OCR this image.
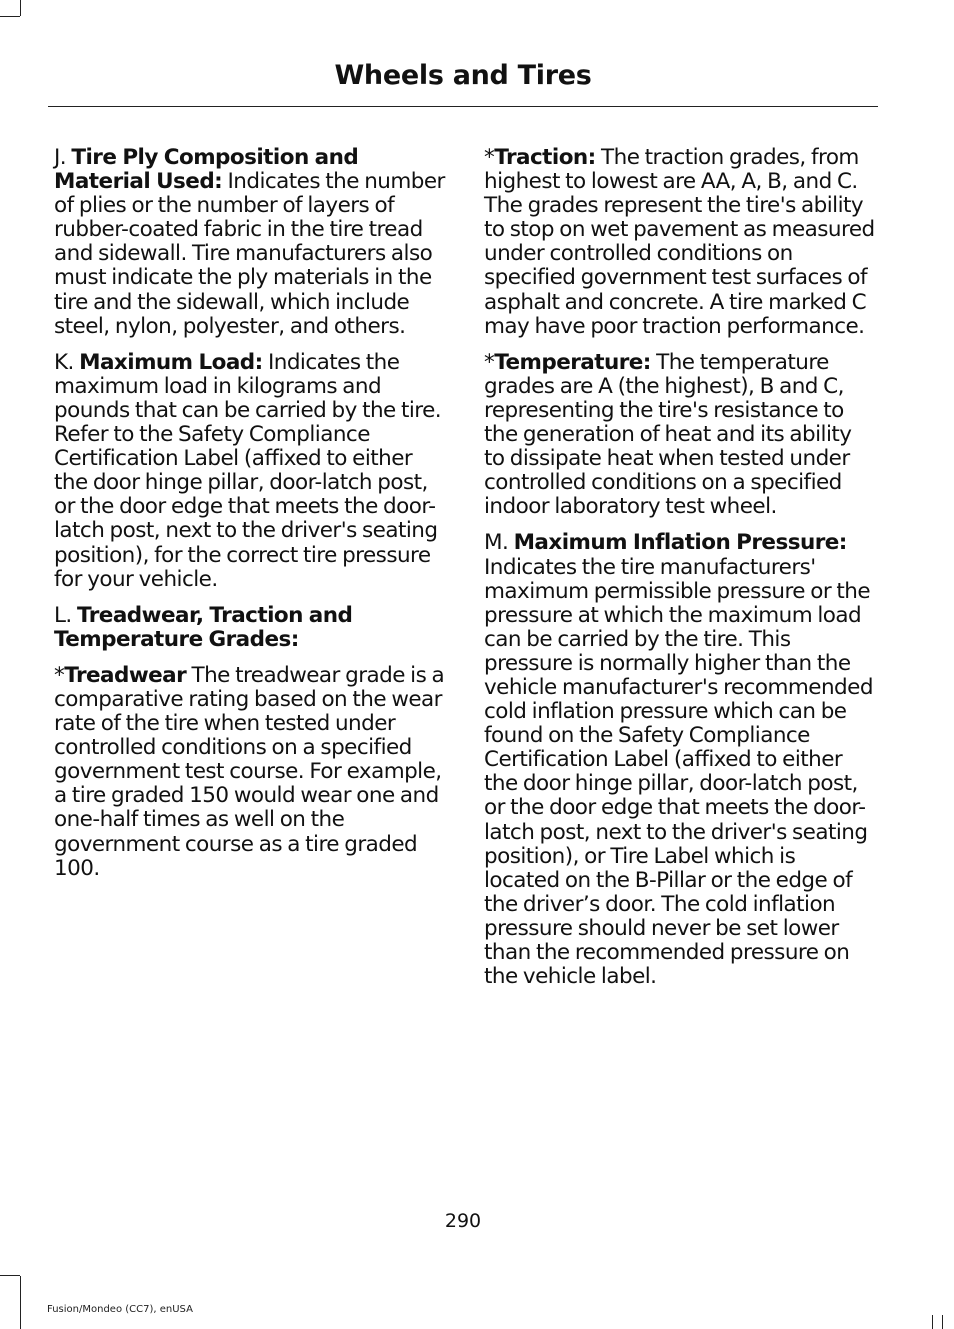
Wheels and Tires

J. Tire Ply Composition and Material Used: Indicates the number of plies or the number of layers of rubber-coated fabric in the tire tread and sidewall. Tire manufacturers also must indicate the ply materials in the tire and the sidewall, which include steel, nylon, polyester, and others.

K. Maximum Load: Indicates the maximum load in kilograms and pounds that can be carried by the tire. Refer to the Safety Compliance Certification Label (affixed to either the door hinge pillar, door-latch post, or the door edge that meets the door-latch post, next to the driver's seating position), for the correct tire pressure for your vehicle.

L. Treadwear, Traction and Temperature Grades:

*Treadwear The treadwear grade is a comparative rating based on the wear rate of the tire when tested under controlled conditions on a specified government test course. For example, a tire graded 150 would wear one and one-half times as well on the government course as a tire graded 100.

*Traction: The traction grades, from highest to lowest are AA, A, B, and C. The grades represent the tire's ability to stop on wet pavement as measured under controlled conditions on specified government test surfaces of asphalt and concrete. A tire marked C may have poor traction performance.

*Temperature: The temperature grades are A (the highest), B and C, representing the tire's resistance to the generation of heat and its ability to dissipate heat when tested under controlled conditions on a specified indoor laboratory test wheel.

M. Maximum Inflation Pressure: Indicates the tire manufacturers' maximum permissible pressure or the pressure at which the maximum load can be carried by the tire. This pressure is normally higher than the vehicle manufacturer's recommended cold inflation pressure which can be found on the Safety Compliance Certification Label (affixed to either the door hinge pillar, door-latch post, or the door edge that meets the door-latch post, next to the driver's seating position), or Tire Label which is located on the B-Pillar or the edge of the driver’s door. The cold inflation pressure should never be set lower than the recommended pressure on the vehicle label.

290
Fusion/Mondeo (CC7), enUSA
